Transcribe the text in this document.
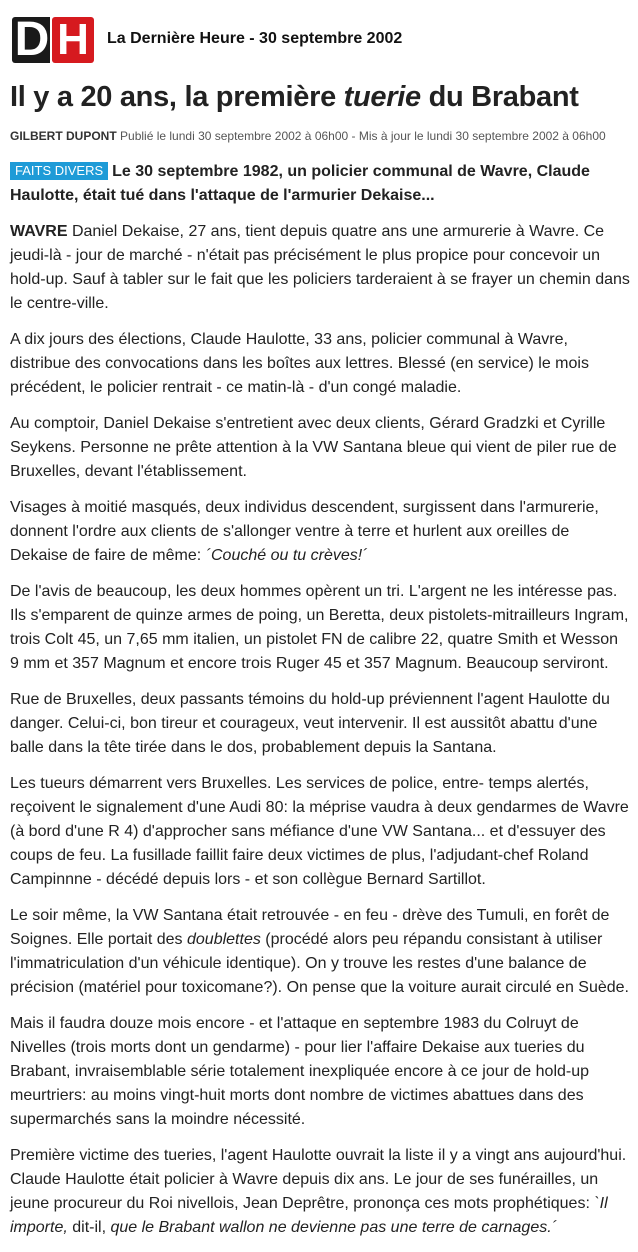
D H	La Dernière Heure - 30 septembre 2002
Il y a 20 ans, la première tuerie du Brabant
GILBERT DUPONT Publié le lundi 30 septembre 2002 à 06h00 - Mis à jour le lundi 30 septembre 2002 à 06h00

FAITS DIVERS Le 30 septembre 1982, un policier communal de Wavre, Claude Haulotte, était tué dans l'attaque de l'armurier Dekaise...

WAVRE Daniel Dekaise, 27 ans, tient depuis quatre ans une armurerie à Wavre. Ce jeudi-là - jour de marché - n'était pas précisément le plus propice pour concevoir un hold-up. Sauf à tabler sur le fait que les policiers tarderaient à se frayer un chemin dans le centre-ville.

A dix jours des élections, Claude Haulotte, 33 ans, policier communal à Wavre, distribue des convocations dans les boîtes aux lettres. Blessé (en service) le mois précédent, le policier rentrait - ce matin-là - d'un congé maladie.

Au comptoir, Daniel Dekaise s'entretient avec deux clients, Gérard Gradzki et Cyrille Seykens. Personne ne prête attention à la VW Santana bleue qui vient de piler rue de Bruxelles, devant l'établissement.

Visages à moitié masqués, deux individus descendent, surgissent dans l'armurerie, donnent l'ordre aux clients de s'allonger ventre à terre et hurlent aux oreilles de Dekaise de faire de même: ´Couché ou tu crèves!´

De l'avis de beaucoup, les deux hommes opèrent un tri. L'argent ne les intéresse pas. Ils s'emparent de quinze armes de poing, un Beretta, deux pistolets-mitrailleurs Ingram, trois Colt 45, un 7,65 mm italien, un pistolet FN de calibre 22, quatre Smith et Wesson 9 mm et 357 Magnum et encore trois Ruger 45 et 357 Magnum. Beaucoup serviront.

Rue de Bruxelles, deux passants témoins du hold-up préviennent l'agent Haulotte du danger. Celui-ci, bon tireur et courageux, veut intervenir. Il est aussitôt abattu d'une balle dans la tête tirée dans le dos, probablement depuis la Santana.

Les tueurs démarrent vers Bruxelles. Les services de police, entre- temps alertés, reçoivent le signalement d'une Audi 80: la méprise vaudra à deux gendarmes de Wavre (à bord d'une R 4) d'approcher sans méfiance d'une VW Santana... et d'essuyer des coups de feu. La fusillade faillit faire deux victimes de plus, l'adjudant-chef Roland Campinnne - décédé depuis lors - et son collègue Bernard Sartillot.

Le soir même, la VW Santana était retrouvée - en feu - drève des Tumuli, en forêt de Soignes. Elle portait des doublettes (procédé alors peu répandu consistant à utiliser l'immatriculation d'un véhicule identique). On y trouve les restes d'une balance de précision (matériel pour toxicomane?). On pense que la voiture aurait circulé en Suède.

Mais il faudra douze mois encore - et l'attaque en septembre 1983 du Colruyt de Nivelles (trois morts dont un gendarme) - pour lier l'affaire Dekaise aux tueries du Brabant, invraisemblable série totalement inexpliquée encore à ce jour de hold-up meurtriers: au moins vingt-huit morts dont nombre de victimes abattues dans des supermarchés sans la moindre nécessité.

Première victime des tueries, l'agent Haulotte ouvrait la liste il y a vingt ans aujourd'hui. Claude Haulotte était policier à Wavre depuis dix ans. Le jour de ses funérailles, un jeune procureur du Roi nivellois, Jean Deprêtre, prononça ces mots prophétiques: `Il importe, dit-il, que le Brabant wallon ne devienne pas une terre de carnages.´
